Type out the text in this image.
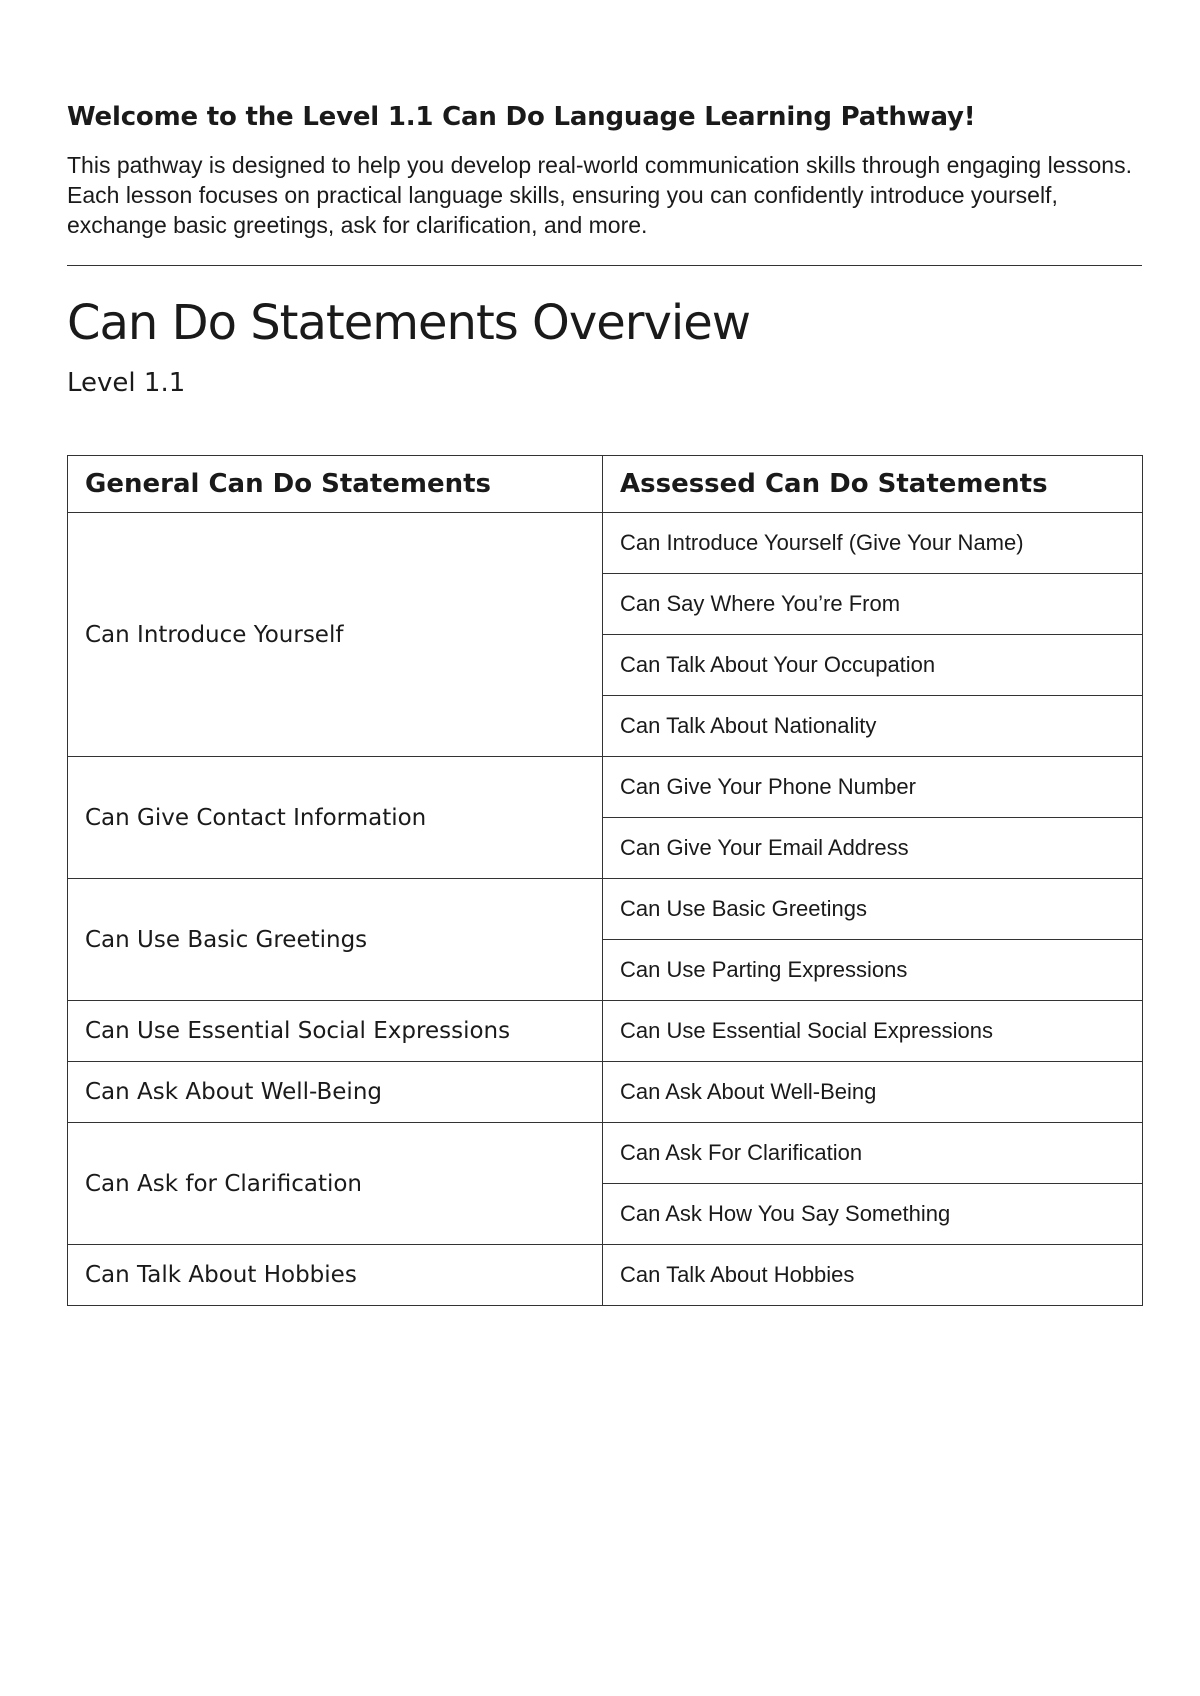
Welcome to the Level 1.1 Can Do Language Learning Pathway!

This pathway is designed to help you develop real-world communication skills through engaging lessons. Each lesson focuses on practical language skills, ensuring you can confidently introduce yourself, exchange basic greetings, ask for clarification, and more.

Can Do Statements Overview
Level 1.1
General Can Do Statements	Assessed Can Do Statements
Can Introduce Yourself	Can Introduce Yourself (Give Your Name)
	Can Say Where You’re From
	Can Talk About Your Occupation
	Can Talk About Nationality
Can Give Contact Information	Can Give Your Phone Number
	Can Give Your Email Address
Can Use Basic Greetings	Can Use Basic Greetings
	Can Use Parting Expressions
Can Use Essential Social Expressions	Can Use Essential Social Expressions
Can Ask About Well-Being	Can Ask About Well-Being
Can Ask for Clarification	Can Ask For Clarification
	Can Ask How You Say Something
Can Talk About Hobbies	Can Talk About Hobbies
